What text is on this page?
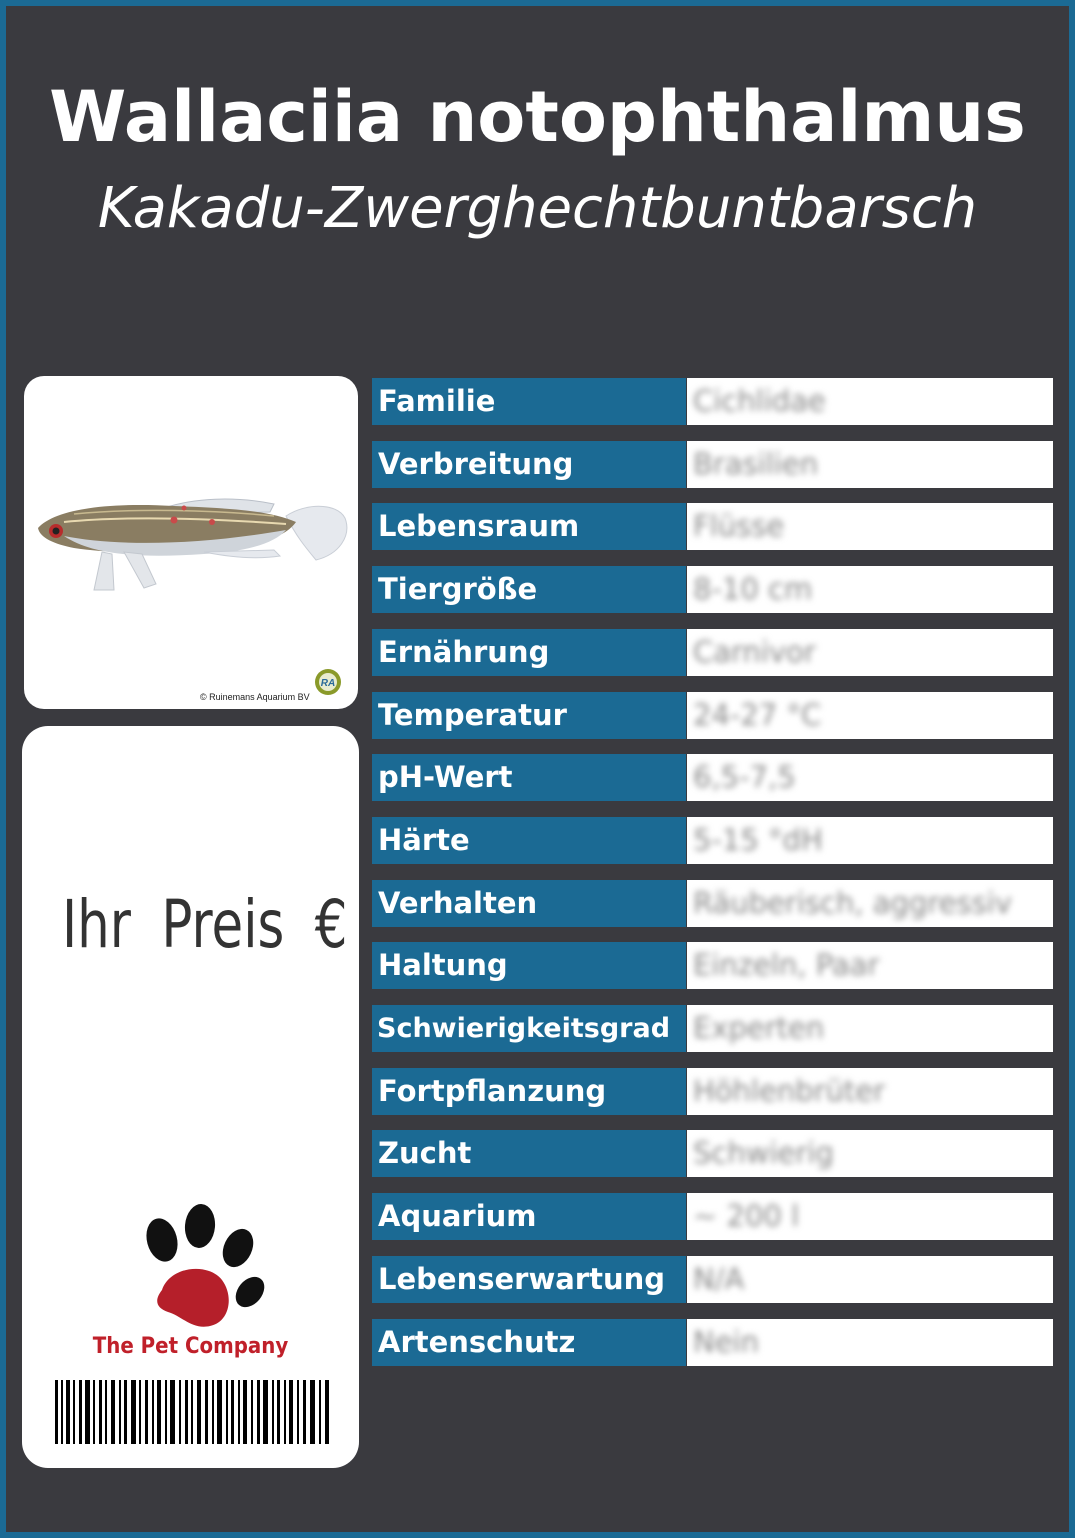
Wallaciia notophthalmus
Kakadu-Zwerghechtbuntbarsch
RA
© Ruinemans Aquarium BV
Ihr Preis €
The Pet Company
Familie	Cichlidae
Verbreitung	Brasilien
Lebensraum	Flüsse
Tiergröße	8-10 cm
Ernährung	Carnivor
Temperatur	24-27 °C
pH-Wert	6,5-7,5
Härte	5-15 °dH
Verhalten	Räuberisch, aggressiv
Haltung	Einzeln, Paar
Schwierigkeitsgrad Experten
Fortpflanzung	Höhlenbrüter
Zucht	Schwierig
Aquarium	~ 200 l
Lebenserwartung N/A
Artenschutz	Nein
